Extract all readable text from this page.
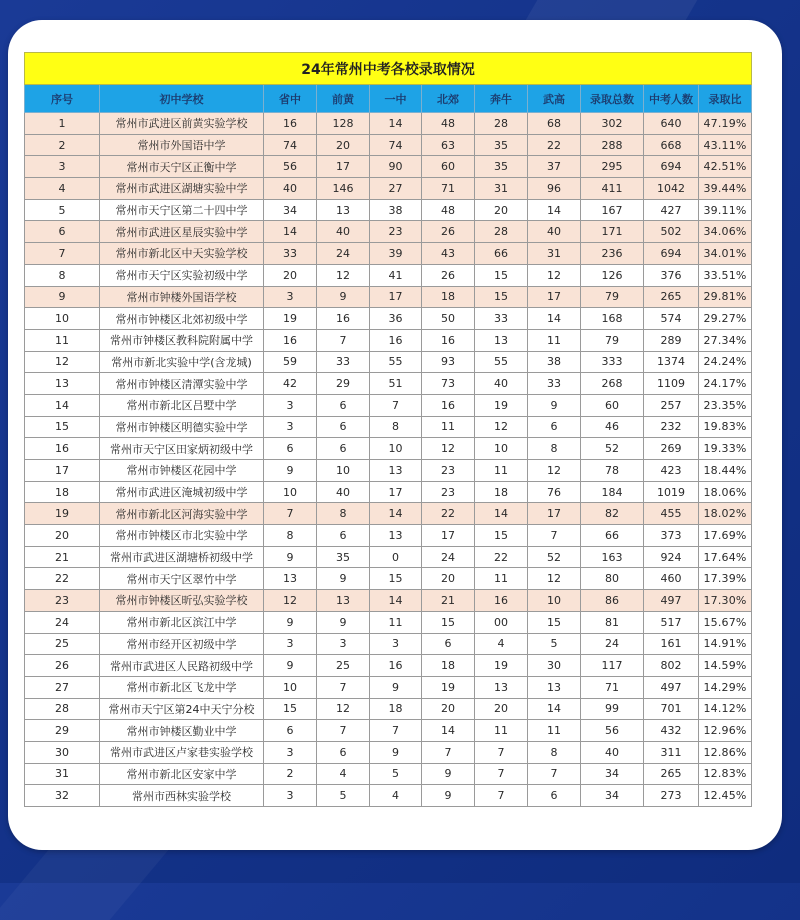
24年常州中考各校录取情况										
序号	初中学校	省中	前黄	一中	北郊	奔牛	武高	录取总数	中考人数	录取比
1	常州市武进区前黄实验学校	16	128	14	48	28	68	302	640	47.19%
2	常州市外国语中学	74	20	74	63	35	22	288	668	43.11%
3	常州市天宁区正衡中学	56	17	90	60	35	37	295	694	42.51%
4	常州市武进区湖塘实验中学	40	146	27	71	31	96	411	1042	39.44%
5	常州市天宁区第二十四中学	34	13	38	48	20	14	167	427	39.11%
6	常州市武进区星辰实验中学	14	40	23	26	28	40	171	502	34.06%
7	常州市新北区中天实验学校	33	24	39	43	66	31	236	694	34.01%
8	常州市天宁区实验初级中学	20	12	41	26	15	12	126	376	33.51%
9	常州市钟楼外国语学校	3	9	17	18	15	17	79	265	29.81%
10	常州市钟楼区北郊初级中学	19	16	36	50	33	14	168	574	29.27%
11	常州市钟楼区教科院附属中学	16	7	16	16	13	11	79	289	27.34%
12	常州市新北实验中学(含龙城)	59	33	55	93	55	38	333	1374	24.24%
13	常州市钟楼区清潭实验中学	42	29	51	73	40	33	268	1109	24.17%
14	常州市新北区吕墅中学	3	6	7	16	19	9	60	257	23.35%
15	常州市钟楼区明德实验中学	3	6	8	11	12	6	46	232	19.83%
16	常州市天宁区田家炳初级中学	6	6	10	12	10	8	52	269	19.33%
17	常州市钟楼区花园中学	9	10	13	23	11	12	78	423	18.44%
18	常州市武进区淹城初级中学	10	40	17	23	18	76	184	1019	18.06%
19	常州市新北区河海实验中学	7	8	14	22	14	17	82	455	18.02%
20	常州市钟楼区市北实验中学	8	6	13	17	15	7	66	373	17.69%
21	常州市武进区湖塘桥初级中学	9	35	0	24	22	52	163	924	17.64%
22	常州市天宁区翠竹中学	13	9	15	20	11	12	80	460	17.39%
23	常州市钟楼区昕弘实验学校	12	13	14	21	16	10	86	497	17.30%
24	常州市新北区滨江中学	9	9	11	15	00	15	81	517	15.67%
25	常州市经开区初级中学	3	3	3	6	4	5	24	161	14.91%
26	常州市武进区人民路初级中学	9	25	16	18	19	30	117	802	14.59%
27	常州市新北区飞龙中学	10	7	9	19	13	13	71	497	14.29%
28	常州市天宁区第24中天宁分校	15	12	18	20	20	14	99	701	14.12%
29	常州市钟楼区勤业中学	6	7	7	14	11	11	56	432	12.96%
30	常州市武进区卢家巷实验学校	3	6	9	7	7	8	40	311	12.86%
31	常州市新北区安家中学	2	4	5	9	7	7	34	265	12.83%
32	常州市西林实验学校	3	5	4	9	7	6	34	273	12.45%
